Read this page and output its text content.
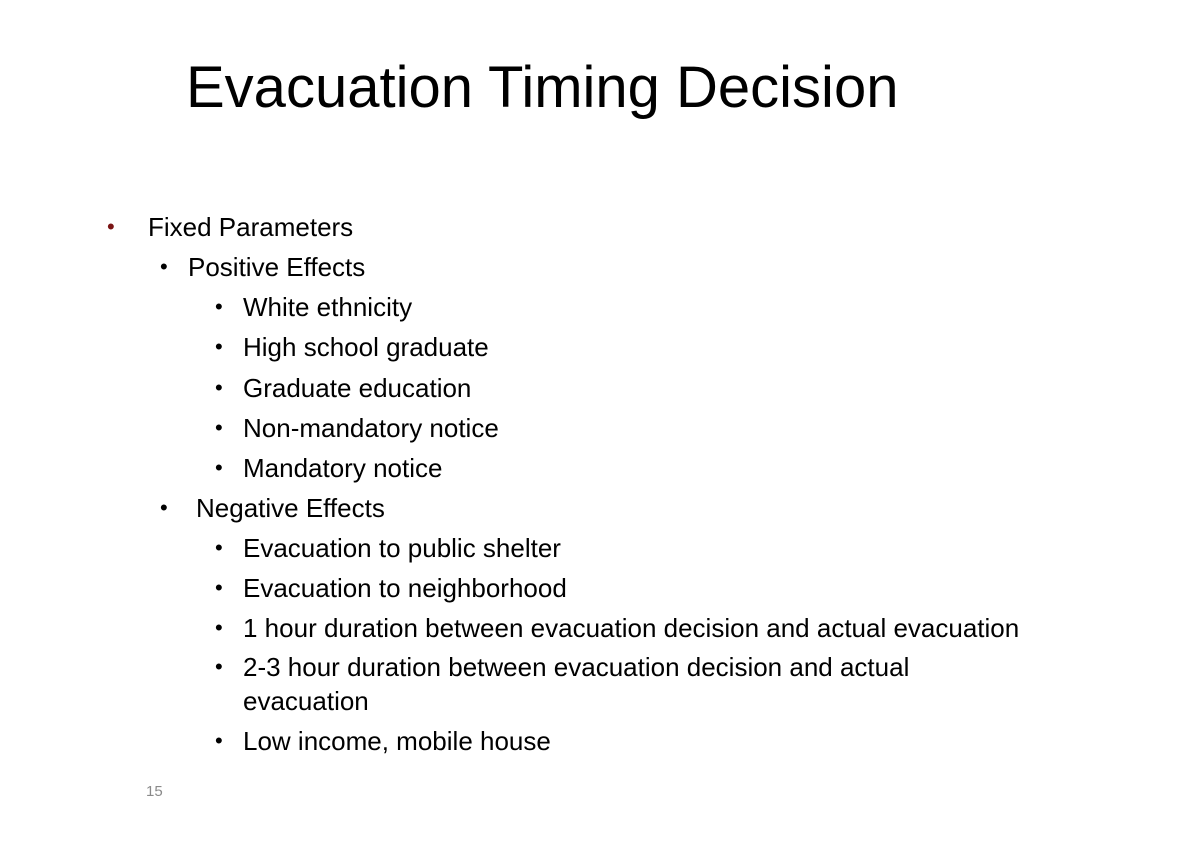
Evacuation Timing Decision
• Fixed Parameters
• Positive Effects
• White ethnicity
• High school graduate
• Graduate education
• Non-mandatory notice
• Mandatory notice
• Negative Effects
• Evacuation to public shelter
• Evacuation to neighborhood
• 1 hour duration between evacuation decision and actual evacuation
• 2-3 hour duration between evacuation decision and actual evacuation
• Low income, mobile house
15
